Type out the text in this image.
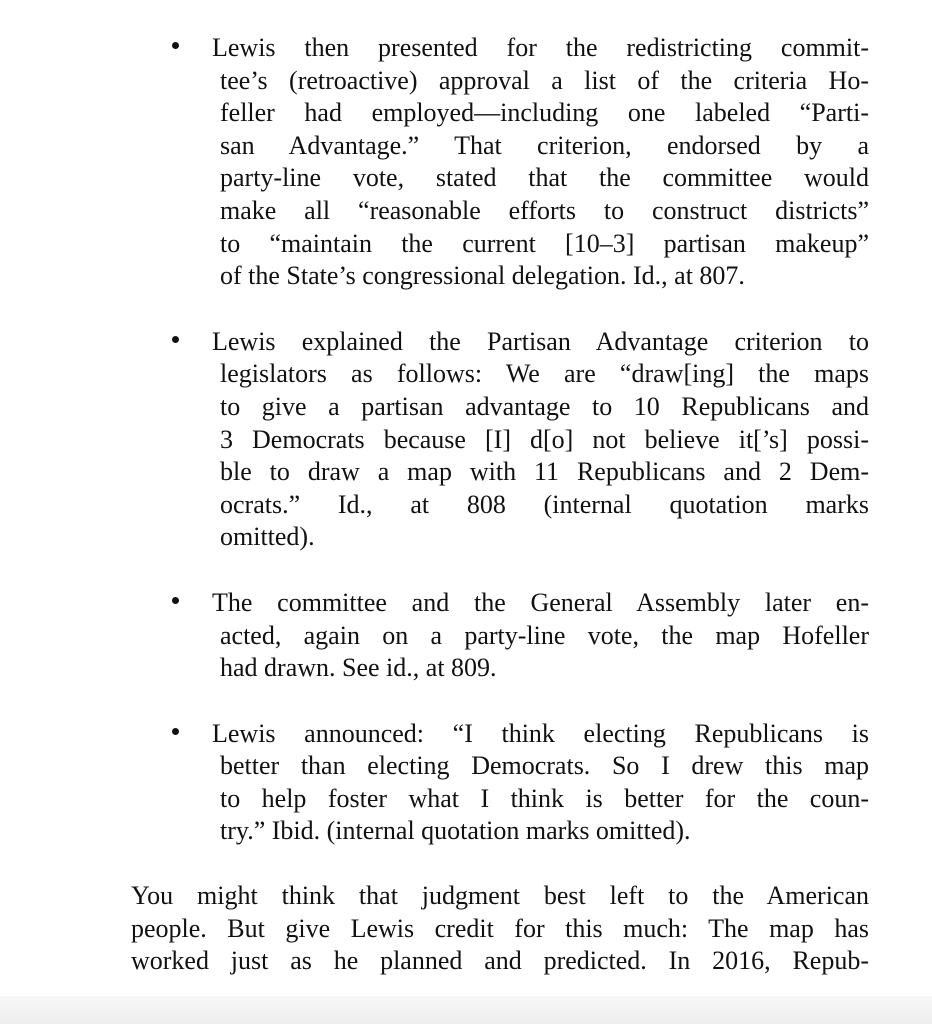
Lewis then presented for the redistricting commit-
tee’s (retroactive) approval a list of the criteria Ho-
feller had employed—including one labeled “Parti-
san Advantage.” That criterion, endorsed by a
party-line vote, stated that the committee would
make all “reasonable efforts to construct districts”
to “maintain the current [10–3] partisan makeup”
of the State’s congressional delegation. Id., at 807.
Lewis explained the Partisan Advantage criterion to
legislators as follows: We are “draw[ing] the maps
to give a partisan advantage to 10 Republicans and
3 Democrats because [I] d[o] not believe it[’s] possi-
ble to draw a map with 11 Republicans and 2 Dem-
ocrats.” Id., at 808 (internal quotation marks
omitted).
The committee and the General Assembly later en-
acted, again on a party-line vote, the map Hofeller
had drawn. See id., at 809.
Lewis announced: “I think electing Republicans is
better than electing Democrats. So I drew this map
to help foster what I think is better for the coun-
try.” Ibid. (internal quotation marks omitted).
You might think that judgment best left to the American
people. But give Lewis credit for this much: The map has
worked just as he planned and predicted. In 2016, Repub-
